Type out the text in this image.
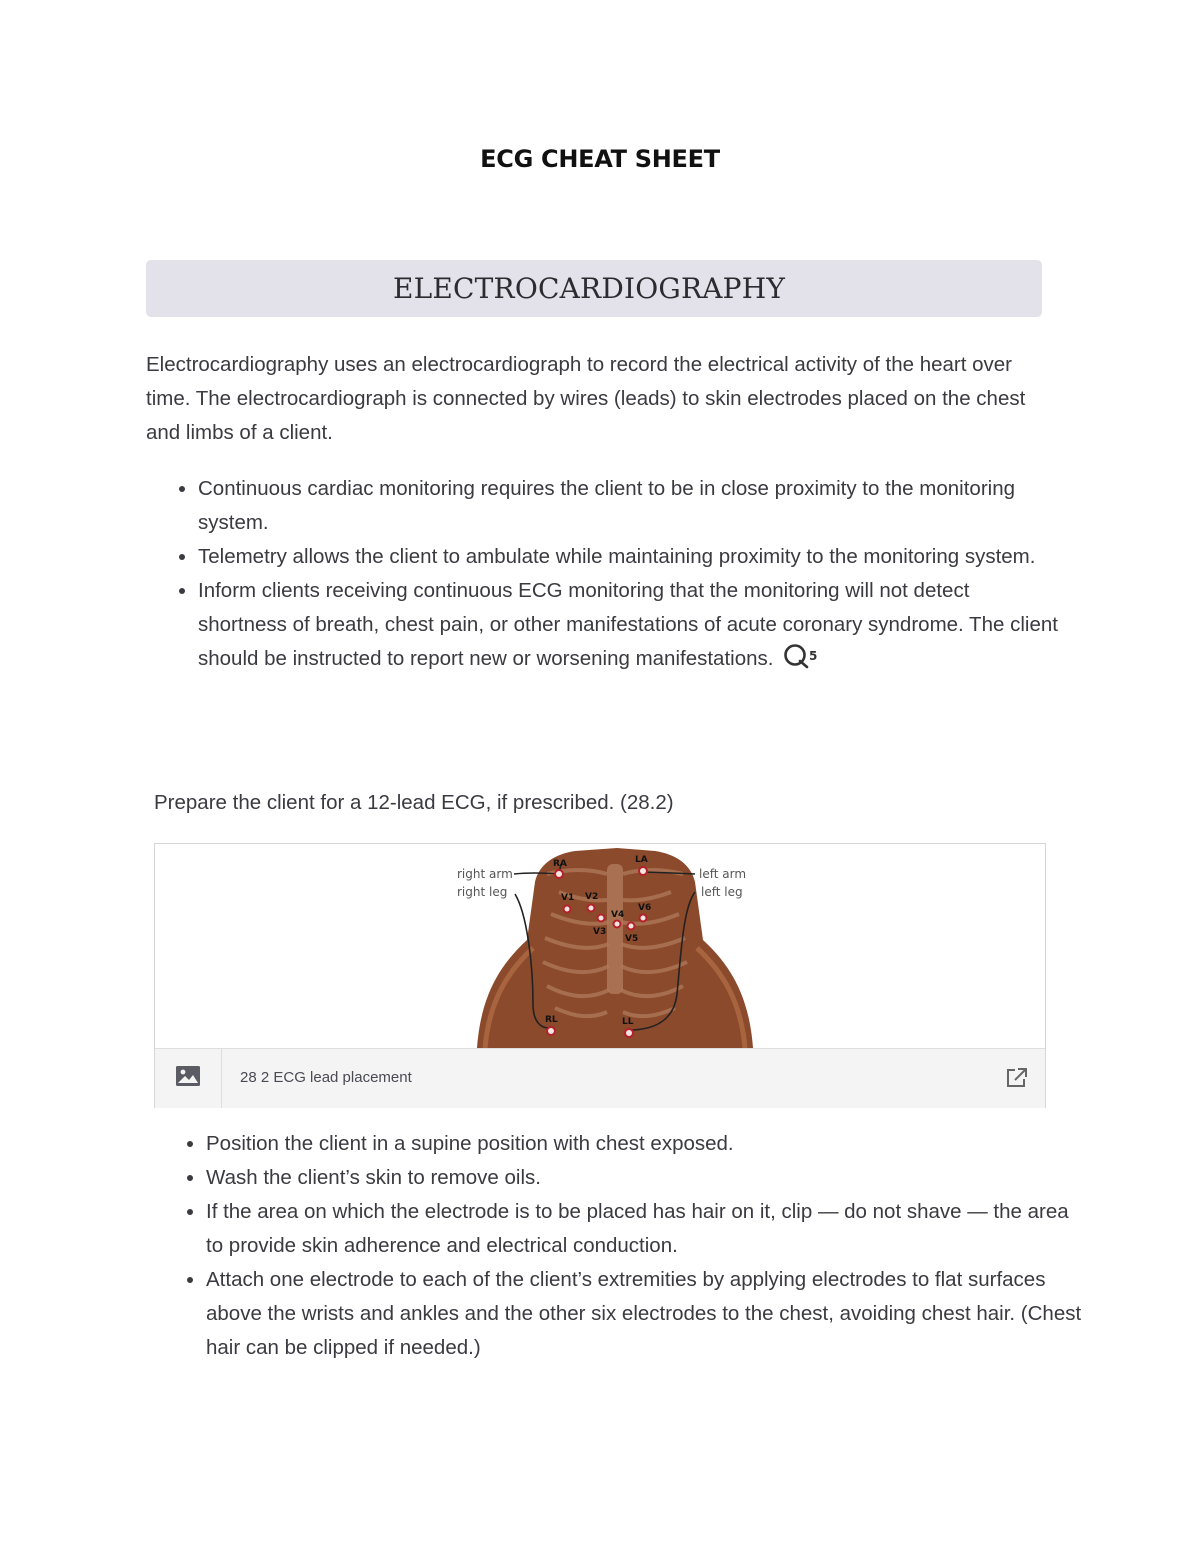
ECG CHEAT SHEET
ELECTROCARDIOGRAPHY

Electrocardiography uses an electrocardiograph to record the electrical activity of the heart over time. The electrocardiograph is connected by wires (leads) to skin electrodes placed on the chest and limbs of a client.

• Continuous cardiac monitoring requires the client to be in close proximity to the monitoring system.
• Telemetry allows the client to ambulate while maintaining proximity to the monitoring system.
• Inform clients receiving continuous ECG monitoring that the monitoring will not detect shortness of breath, chest pain, or other manifestations of acute coronary syndrome. The client should be instructed to report new or worsening manifestations.	5
Prepare the client for a 12-lead ECG, if prescribed. (28.2)
right arm
right leg
left arm
left leg
RA	LA
V1 V2
V3
V4
V5
V6
RL	LL
28 2 ECG lead placement
• Position the client in a supine position with chest exposed.
• Wash the client’s skin to remove oils.
• If the area on which the electrode is to be placed has hair on it, clip — do not shave — the area to provide skin adherence and electrical conduction.
• Attach one electrode to each of the client’s extremities by applying electrodes to flat surfaces above the wrists and ankles and the other six electrodes to the chest, avoiding chest hair. (Chest hair can be clipped if needed.)
